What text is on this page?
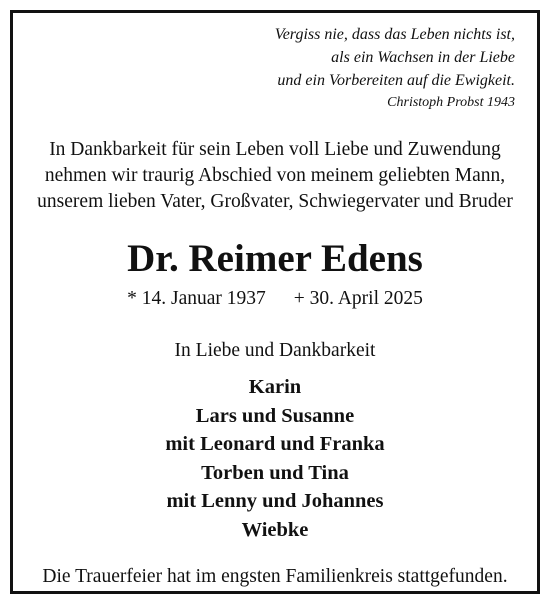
Vergiss nie, dass das Leben nichts ist,
als ein Wachsen in der Liebe
und ein Vorbereiten auf die Ewigkeit.
Christoph Probst 1943
In Dankbarkeit für sein Leben voll Liebe und Zuwendung
nehmen wir traurig Abschied von meinem geliebten Mann,
unserem lieben Vater, Großvater, Schwiegervater und Bruder
Dr. Reimer Edens
* 14. Januar 1937 + 30. April 2025
In Liebe und Dankbarkeit
Karin
Lars und Susanne
mit Leonard und Franka
Torben und Tina
mit Lenny und Johannes
Wiebke
Die Trauerfeier hat im engsten Familienkreis stattgefunden.
